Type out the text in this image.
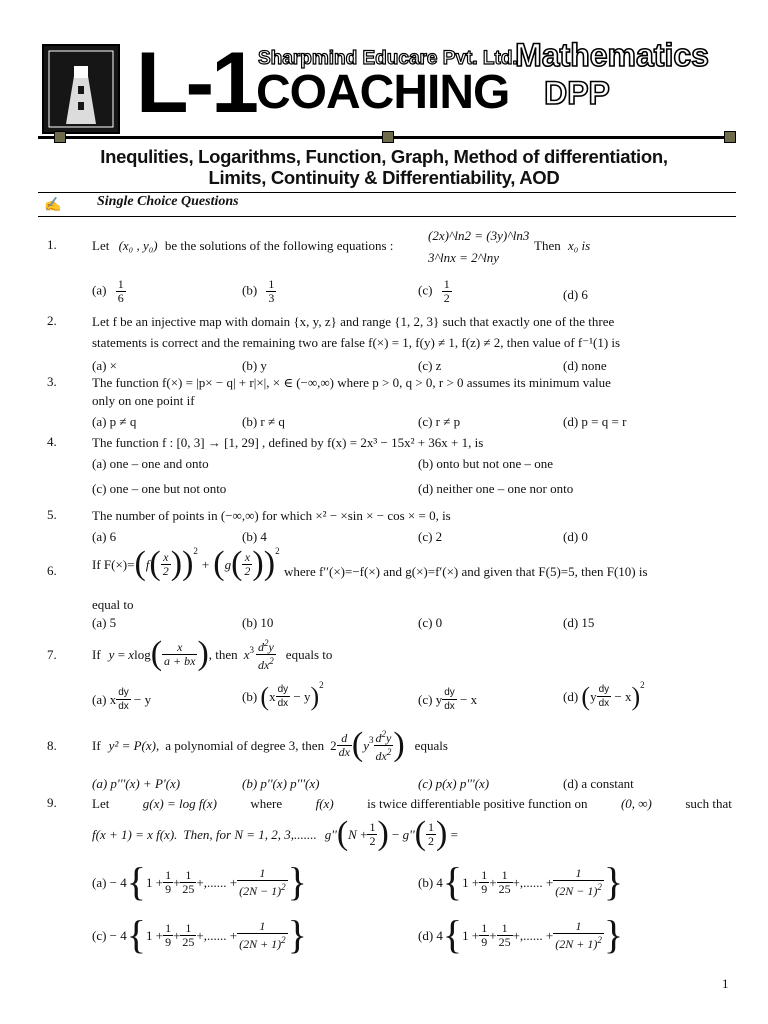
L-1 Sharpmind Educare Pvt. Ltd.
COACHING
Mathematics
DPP
Inequlities, Logarithms, Function, Graph, Method of differentiation,
Limits, Continuity & Differentiability, AOD
✍	Single Choice Questions
1.	Let (x₀ , y₀) be the solutions of the following equations :
(2x)^ln2 = (3y)^ln3
3^lnx = 2^lny
Then x₀ is
$(a) \frac{1}{6}$	$(b) \frac{1}{3}$	$(c) \frac{1}{2}$	(d) 6
2.	Let f be an injective map with domain {x, y, z} and range {1, 2, 3} such that exactly one of the three
statements is correct and the remaining two are false f(×) = 1, f(y) ≠ 1, f(z) ≠ 2, then value of f⁻¹(1) is
(a) ×	(b) y	(c) z	(d) none
3.	The function f(×) = |p× − q| + r|×|, × ∈ (−∞,∞) where p > 0, q > 0, r > 0 assumes its minimum value
only on one point if
(a) p ≠ q	(b) r ≠ q	(c) r ≠ p	(d) p = q = r
4.	The function f : [0, 3] → [1, 29] , defined by f(x) = 2x³ − 15x² + 36x + 1, is
(a) one – one and onto	(b) onto but not one – one
(c) one – one but not onto	(d) neither one – one nor onto
5.	The number of points in (−∞,∞) for which ×² − ×sin × − cos × = 0, is
(a) 6	(b) 4	(c) 2	(d) 0
6.	If F(×)= ( f ( $\frac{x}{2}$ ) )$^2$
+ ( g ( $\frac{x}{2}$ ) )$^2$
where f′′(×)=−f(×) and g(×)=f′(×) and given that F(5)=5, then F(10) is
equal to
(a) 5	(b) 10	(c) 0	(d) 15
7.	If y = x log ( $\frac{x}{a + bx}$ ) , then $x^3 \frac{d^2y}{dx^2}$ equals to
(a) x $\frac{dy}{dx} - y$	(b)
( x $\frac{dy}{dx} - y$ )$^2$
(c) y $\frac{dy}{dx} - x$	(d)
( y $\frac{dy}{dx} - x$ )$^2$
8.	If y² = P(x), a polynomial of degree 3, then $2 \frac{d}{dx}$ ( $y^3 \frac{d^2y}{dx^2}$ ) equals
(a) p'''(x) + P'(x)	(b) p''(x) p'''(x)	(c) p(x) p'''(x)	(d) a constant
9.	Let	g(x) = log f(x)	where	f(x)	is twice differentiable positive function on	(0, ∞)	such that
f(x + 1) = x f(x). Then, for N = 1, 2, 3,....... g'' ( $N + \frac{1}{2}$ ) − g'' ( $\frac{1}{2}$ ) =
(a) − 4 { $1 + \frac{1}{9} + \frac{1}{25}$ +,...... + $\frac{1}{(2N - 1)^2}$ }	(b) 4 { $1 + \frac{1}{9} + \frac{1}{25}$ +,...... + $\frac{1}{(2N - 1)^2}$ }
(c) − 4 { $1 + \frac{1}{9} + \frac{1}{25}$ +,...... + $\frac{1}{(2N + 1)^2}$ }	(d) 4 { $1 + \frac{1}{9} + \frac{1}{25}$ +,...... + $\frac{1}{(2N + 1)^2}$ }
1
